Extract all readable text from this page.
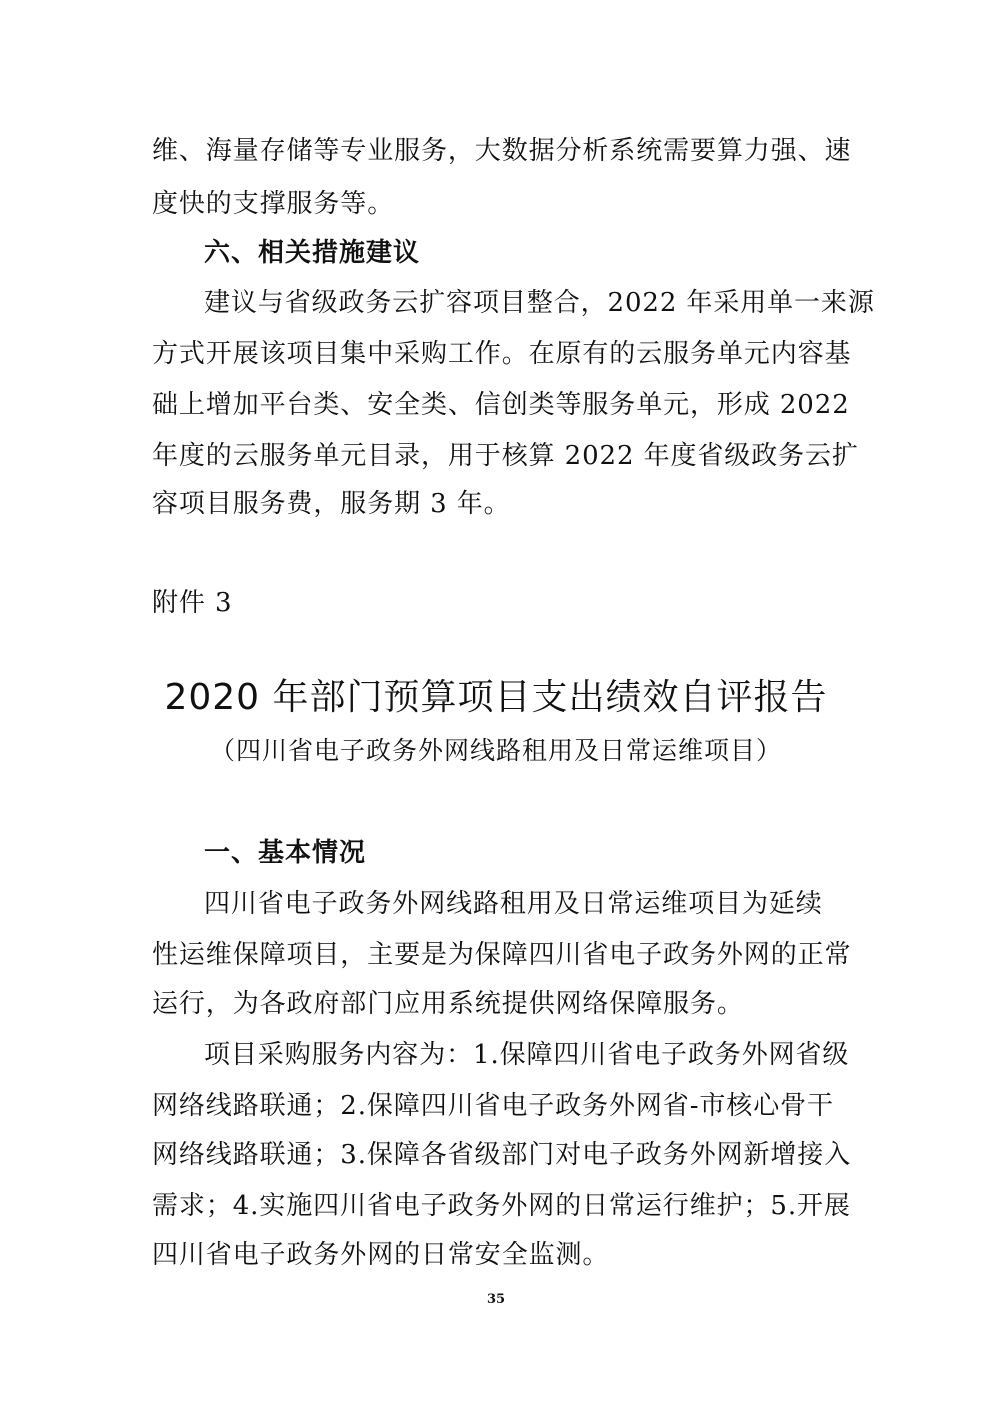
维、海量存储等专业服务，大数据分析系统需要算力强、速
度快的支撑服务等。
六、相关措施建议
建议与省级政务云扩容项目整合，2022 年采用单一来源
方式开展该项目集中采购工作。在原有的云服务单元内容基
础上增加平台类、安全类、信创类等服务单元，形成 2022
年度的云服务单元目录，用于核算 2022 年度省级政务云扩
容项目服务费，服务期 3 年。
附件 3
2020 年部门预算项目支出绩效自评报告
（四川省电子政务外网线路租用及日常运维项目）
一、基本情况
四川省电子政务外网线路租用及日常运维项目为延续
性运维保障项目，主要是为保障四川省电子政务外网的正常
运行，为各政府部门应用系统提供网络保障服务。
项目采购服务内容为：1.保障四川省电子政务外网省级
网络线路联通；2.保障四川省电子政务外网省-市核心骨干
网络线路联通；3.保障各省级部门对电子政务外网新增接入
需求；4.实施四川省电子政务外网的日常运行维护；5.开展
四川省电子政务外网的日常安全监测。
35
